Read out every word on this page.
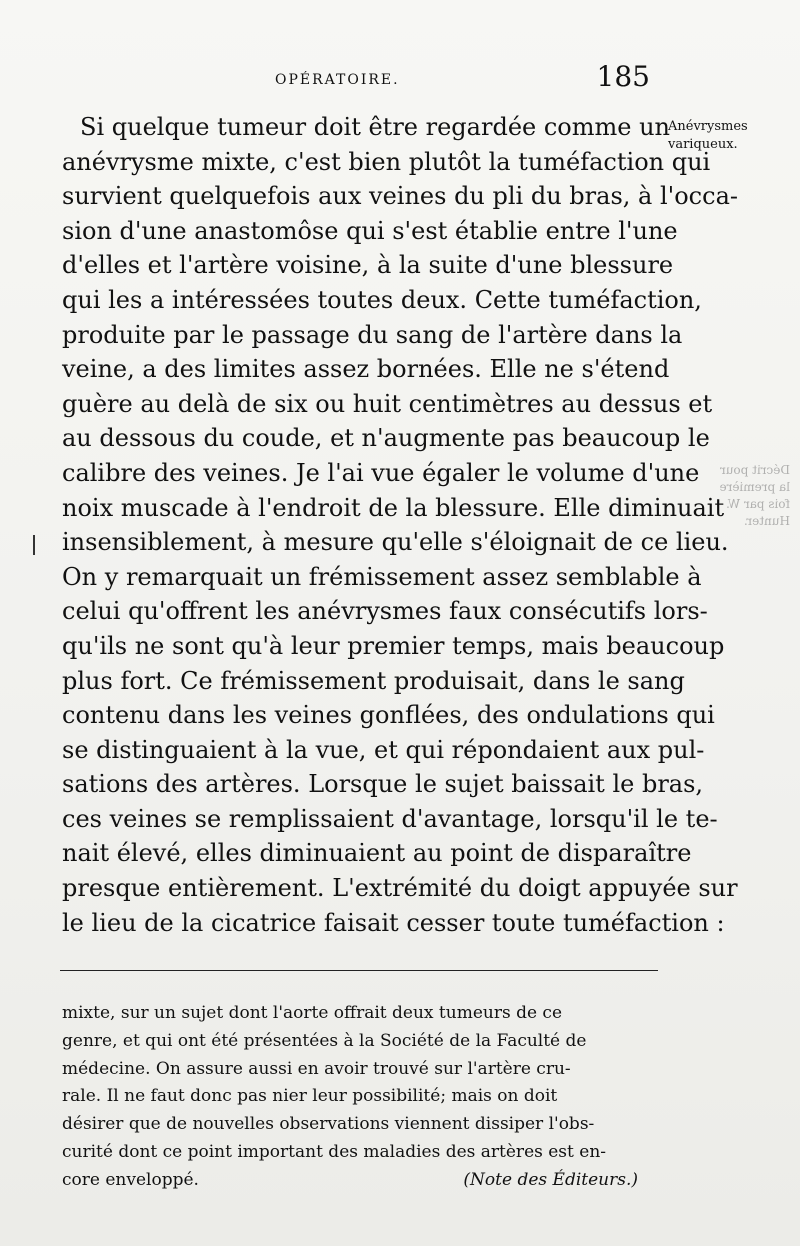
OPÉRATOIRE.	185
Anévrysmes
variqueux.
Décrit pour
la première
fois par W.
Hunter.
Si quelque tumeur doit être regardée comme un
anévrysme mixte, c'est bien plutôt la tuméfaction qui
survient quelquefois aux veines du pli du bras, à l'occa-
sion d'une anastomôse qui s'est établie entre l'une
d'elles et l'artère voisine, à la suite d'une blessure
qui les a intéressées toutes deux. Cette tuméfaction,
produite par le passage du sang de l'artère dans la
veine, a des limites assez bornées. Elle ne s'étend
guère au delà de six ou huit centimètres au dessus et
au dessous du coude, et n'augmente pas beaucoup le
calibre des veines. Je l'ai vue égaler le volume d'une
noix muscade à l'endroit de la blessure. Elle diminuait
insensiblement, à mesure qu'elle s'éloignait de ce lieu.
On y remarquait un frémissement assez semblable à
celui qu'offrent les anévrysmes faux consécutifs lors-
qu'ils ne sont qu'à leur premier temps, mais beaucoup
plus fort. Ce frémissement produisait, dans le sang
contenu dans les veines gonflées, des ondulations qui
se distinguaient à la vue, et qui répondaient aux pul-
sations des artères. Lorsque le sujet baissait le bras,
ces veines se remplissaient d'avantage, lorsqu'il le te-
nait élevé, elles diminuaient au point de disparaître
presque entièrement. L'extrémité du doigt appuyée sur
le lieu de la cicatrice faisait cesser toute tuméfaction :
mixte, sur un sujet dont l'aorte offrait deux tumeurs de ce
genre, et qui ont été présentées à la Société de la Faculté de
médecine. On assure aussi en avoir trouvé sur l'artère cru-
rale. Il ne faut donc pas nier leur possibilité; mais on doit
désirer que de nouvelles observations viennent dissiper l'obs-
curité dont ce point important des maladies des artères est en-
core enveloppé.	(Note des Éditeurs.)
